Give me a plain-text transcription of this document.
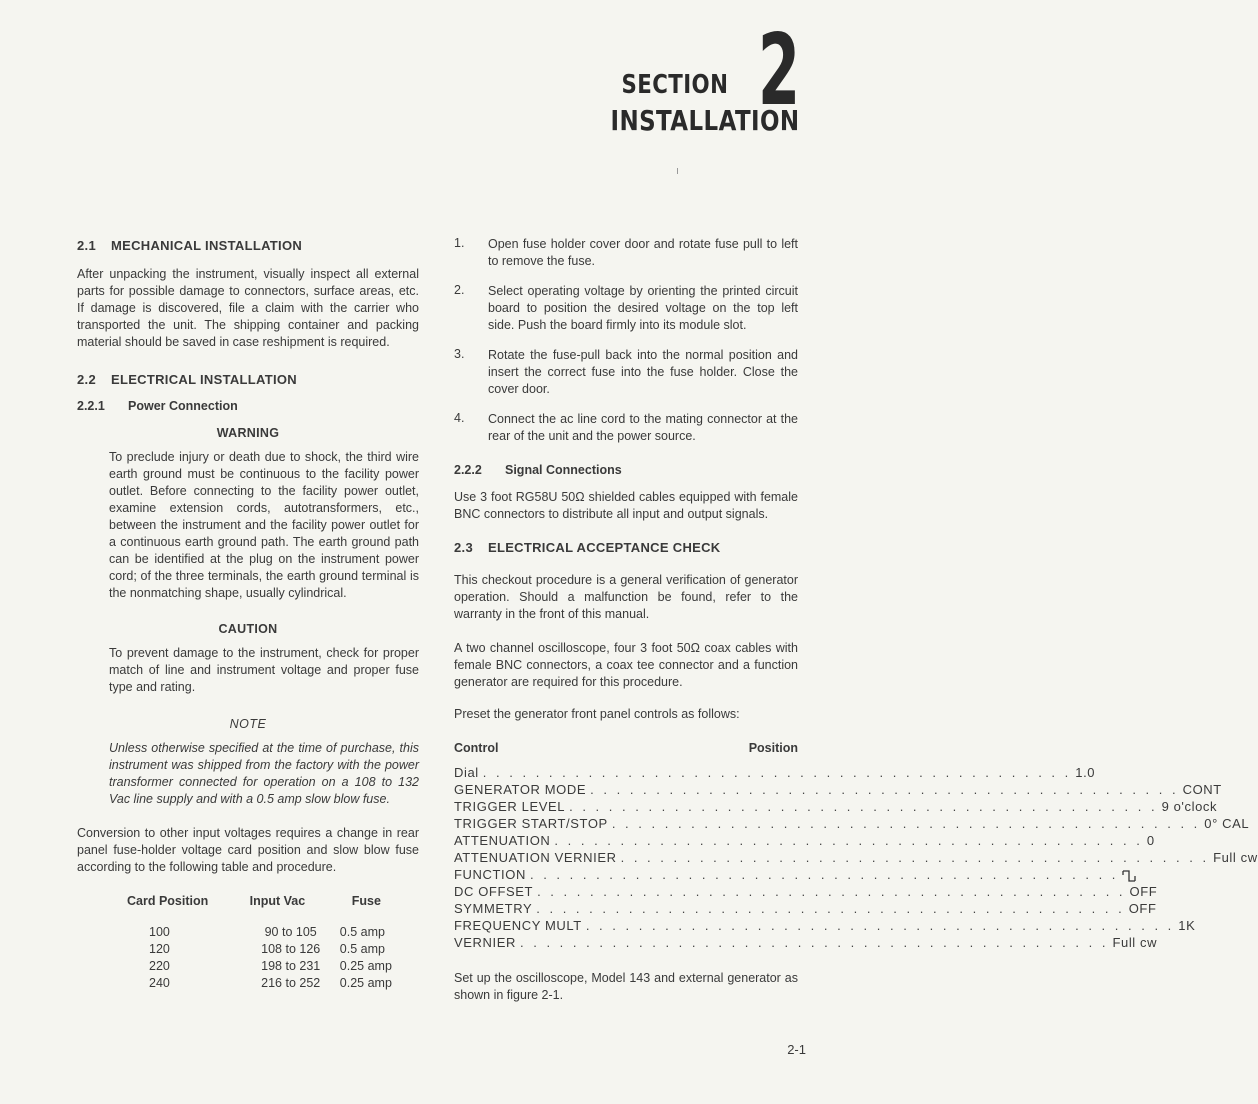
SECTION 2
INSTALLATION
2.1 MECHANICAL INSTALLATION

After unpacking the instrument, visually inspect all external parts for possible damage to connectors, surface areas, etc. If damage is discovered, file a claim with the carrier who transported the unit. The shipping container and packing material should be saved in case reshipment is required.

2.2 ELECTRICAL INSTALLATION
2.2.1 Power Connection
WARNING

To preclude injury or death due to shock, the third wire earth ground must be continuous to the facility power outlet. Before connecting to the facility power outlet, examine extension cords, autotransformers, etc., between the instrument and the facility power outlet for a continuous earth ground path. The earth ground path can be identified at the plug on the instrument power cord; of the three terminals, the earth ground terminal is the nonmatching shape, usually cylindrical.

CAUTION

To prevent damage to the instrument, check for proper match of line and instrument voltage and proper fuse type and rating.

NOTE

Unless otherwise specified at the time of purchase, this instrument was shipped from the factory with the power transformer connected for operation on a 108 to 132 Vac line supply and with a 0.5 amp slow blow fuse.

Conversion to other input voltages requires a change in rear panel fuse-holder voltage card position and slow blow fuse according to the following table and procedure.

Card Position	Input Vac	Fuse
100	90 to 105	0.5 amp
120	108 to 126	0.5 amp
220	198 to 231	0.25 amp
240	216 to 252	0.25 amp
1. Open fuse holder cover door and rotate fuse pull to left to remove the fuse.

2. Select operating voltage by orienting the printed circuit board to position the desired voltage on the top left side. Push the board firmly into its module slot.

3. Rotate the fuse-pull back into the normal position and insert the correct fuse into the fuse holder. Close the cover door.

4. Connect the ac line cord to the mating connector at the rear of the unit and the power source.

2.2.2 Signal Connections

Use 3 foot RG58U 50Ω shielded cables equipped with female BNC connectors to distribute all input and output signals.

2.3 ELECTRICAL ACCEPTANCE CHECK

This checkout procedure is a general verification of generator operation. Should a malfunction be found, refer to the warranty in the front of this manual.

A two channel oscilloscope, four 3 foot 50Ω coax cables with female BNC connectors, a coax tee connector and a function generator are required for this procedure.

Preset the generator front panel controls as follows:

Control	Position
Dial . . . . . . . . . . . . . . . . . . . . . . . . . . . . . . . . . . . . . . . . . . . . . 1.0
GENERATOR MODE . . . . . . . . . . . . . . . . . . . . . . . . . . . . . . . . . . . . . . . . . . . . . CONT
TRIGGER LEVEL . . . . . . . . . . . . . . . . . . . . . . . . . . . . . . . . . . . . . . . . . . . . . 9 o'clock
TRIGGER START/STOP . . . . . . . . . . . . . . . . . . . . . . . . . . . . . . . . . . . . . . . . . . . . . 0° CAL
ATTENUATION . . . . . . . . . . . . . . . . . . . . . . . . . . . . . . . . . . . . . . . . . . . . . 0
ATTENUATION VERNIER . . . . . . . . . . . . . . . . . . . . . . . . . . . . . . . . . . . . . . . . . . . . . Full cw
FUNCTION . . . . . . . . . . . . . . . . . . . . . . . . . . . . . . . . . . . . . . . . . . . . .
DC OFFSET . . . . . . . . . . . . . . . . . . . . . . . . . . . . . . . . . . . . . . . . . . . . . OFF
SYMMETRY . . . . . . . . . . . . . . . . . . . . . . . . . . . . . . . . . . . . . . . . . . . . . OFF
FREQUENCY MULT . . . . . . . . . . . . . . . . . . . . . . . . . . . . . . . . . . . . . . . . . . . . . 1K
VERNIER . . . . . . . . . . . . . . . . . . . . . . . . . . . . . . . . . . . . . . . . . . . . . Full cw

Set up the oscilloscope, Model 143 and external generator as shown in figure 2-1.

2-1
